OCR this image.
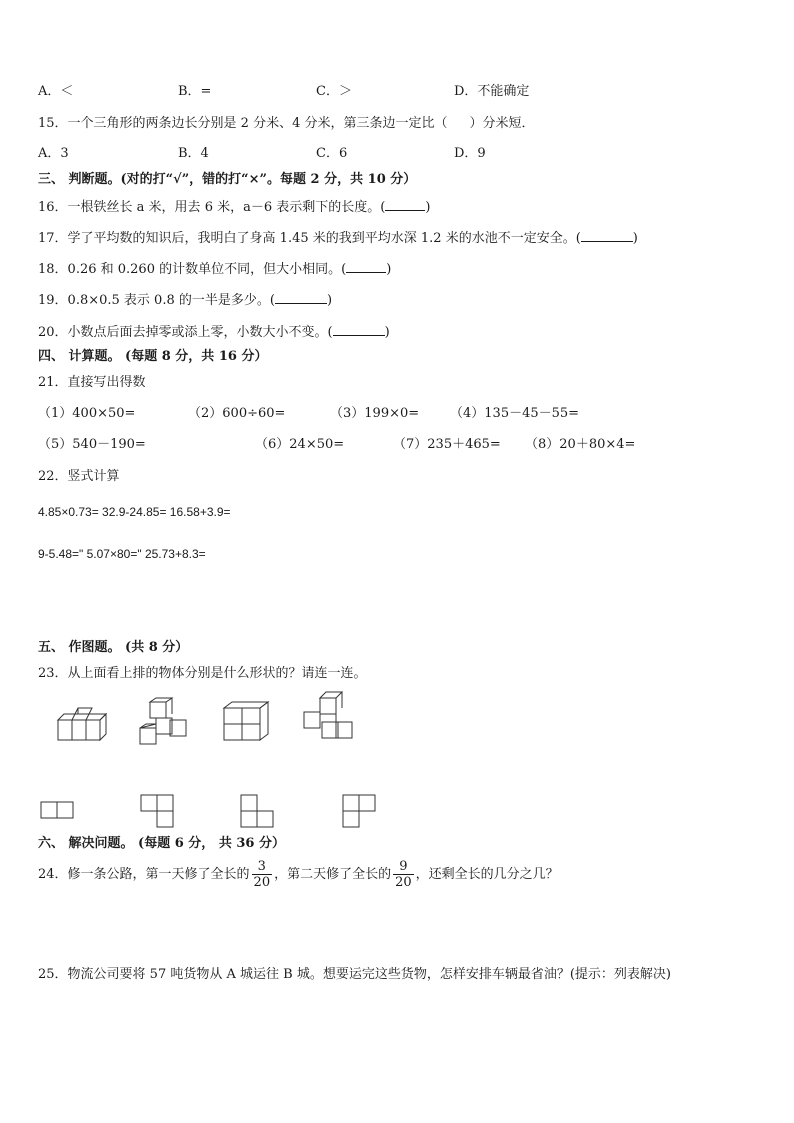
A．＜	B．=	C．＞	D．不能确定
15．一个三角形的两条边长分别是 2 分米、4 分米，第三条边一定比（ ）分米短．
A．3	B．4	C．6	D．9
三、 判断题。(对的打“√”，错的打“×”。每题 2 分，共 10 分）
16．一根铁丝长 a 米，用去 6 米，a－6 表示剩下的长度。(	)
17．学了平均数的知识后，我明白了身高 1.45 米的我到平均水深 1.2 米的水池不一定安全。(	)
18．0.26 和 0.260 的计数单位不同，但大小相同。(	)
19．0.8×0.5 表示 0.8 的一半是多少。(	)
20．小数点后面去掉零或添上零，小数大小不变。(	)
四、 计算题。 (每题 8 分，共 16 分）
21．直接写出得数
（1）400×50=	（2）600÷60=	（3）199×0= （4）135－45－55=
（5）540－190=	（6）24×50=	（7）235＋465= （8）20＋80×4=
22．竖式计算
4.85×0.73= 32.9-24.85= 16.58+3.9=
9-5.48=" 5.07×80=" 25.73+8.3=
五、 作图题。 (共 8 分）
23．从上面看上排的物体分别是什么形状的？请连一连。
六、 解决问题。 (每题 6 分， 共 36 分）
24．修一条公路，第一天修了全长的 $\frac{3}{20}$ ，第二天修了全长的 $\frac{9}{20}$ ，还剩全长的几分之几？
25．物流公司要将 57 吨货物从 A 城运往 B 城。想要运完这些货物，怎样安排车辆最省油？(提示：列表解决)
